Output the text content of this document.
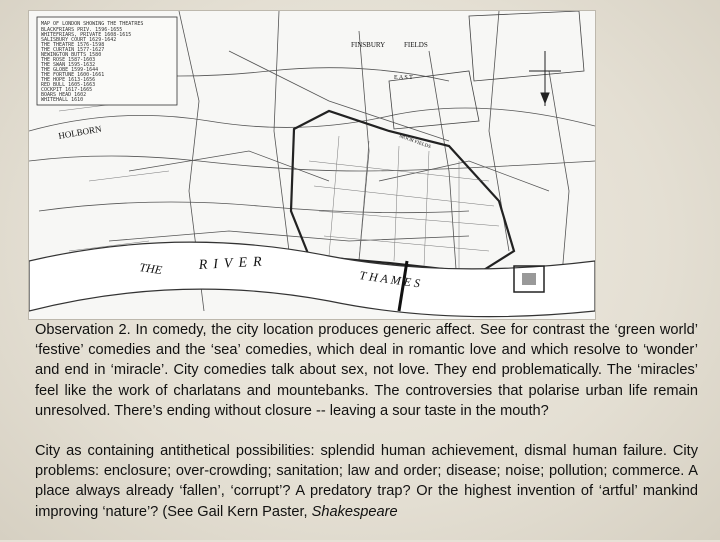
MAP OF LONDON SHOWING THE THEATRES
BLACKFRIARS PRIV. 1596-1655
WHITEFRIARS, PRIVATE 1608-1615
SALISBURY COURT 1629-1642
THE THEATRE 1576-1598
THE CURTAIN 1577-1627
NEWINGTON BUTTS 1580
THE ROSE 1587-1603
THE SWAN 1595-1632
THE GLOBE 1599-1644
THE FORTUNE 1600-1661
THE HOPE 1613-1656
RED BULL 1605-1663
COCKPIT 1617-1665
BOARS HEAD 1602
WHITEHALL 1610
FINSBURY	FIELDS
E A S T
HOLBORN
MOOR FIELDS
THE	RIVER
THAMES

Observation 2. In comedy, the city location produces generic affect. See for contrast the ‘green world’ ‘festive’ comedies and the ‘sea’ comedies, which deal in romantic love and which resolve to ‘wonder’ and end in ‘miracle’. City comedies talk about sex, not love. They end problematically. The ‘miracles’ feel like the work of charlatans and mountebanks. The controversies that polarise urban life remain unresolved. There’s ending without closure -- leaving a sour taste in the mouth?

City as containing antithetical possibilities: splendid human achievement, dismal human failure. City problems: enclosure; over-crowding; sanitation; law and order; disease; noise; pollution; commerce. A place always already ‘fallen’, ‘corrupt’? A predatory trap? Or the highest invention of ‘artful’ mankind improving ‘nature’? (See Gail Kern Paster, Shakespeare
